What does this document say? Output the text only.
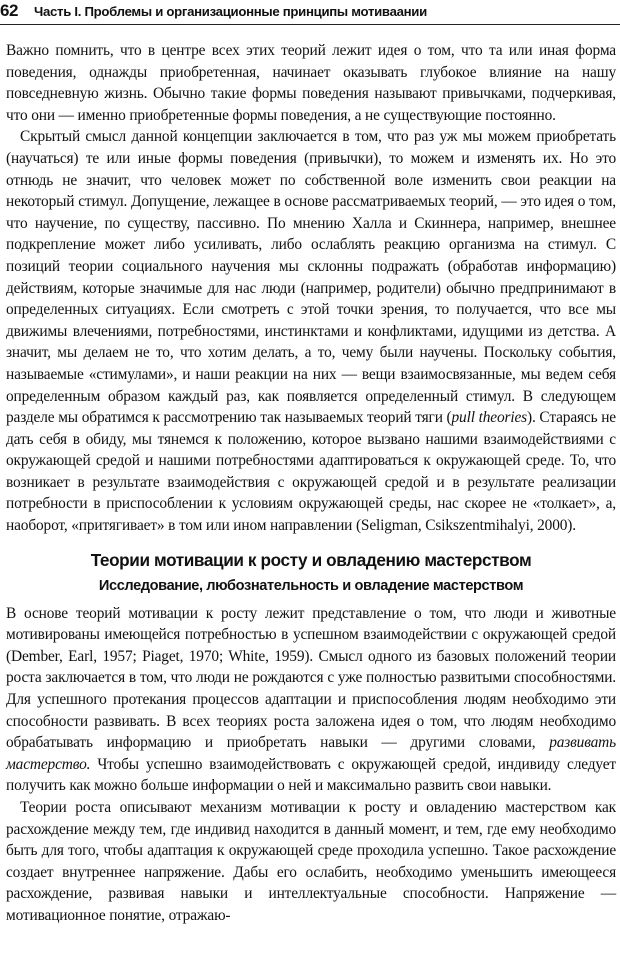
62 Часть I. Проблемы и организационные принципы мотиваании

Важно помнить, что в центре всех этих теорий лежит идея о том, что та или иная форма поведения, однажды приобретенная, начинает оказывать глубокое влияние на нашу повседневную жизнь. Обычно такие формы поведения называют привычками, подчеркивая, что они — именно приобретенные формы поведения, а не существующие постоянно.

Скрытый смысл данной концепции заключается в том, что раз уж мы можем приобретать (научаться) те или иные формы поведения (привычки), то можем и изменять их. Но это отнюдь не значит, что человек может по собственной воле изменить свои реакции на некоторый стимул. Допущение, лежащее в основе рассматриваемых теорий, — это идея о том, что научение, по существу, пассивно. По мнению Халла и Скиннера, например, внешнее подкрепление может либо усиливать, либо ослаблять реакцию организма на стимул. С позиций теории социального научения мы склонны подражать (обработав информацию) действиям, которые значимые для нас люди (например, родители) обычно предпринимают в определенных ситуациях. Если смотреть с этой точки зрения, то получается, что все мы движимы влечениями, потребностями, инстинктами и конфликтами, идущими из детства. А значит, мы делаем не то, что хотим делать, а то, чему были научены. Поскольку события, называемые «стимулами», и наши реакции на них — вещи взаимосвязанные, мы ведем себя определенным образом каждый раз, как появляется определенный стимул. В следующем разделе мы обратимся к рассмотрению так называемых теорий тяги (pull theories). Стараясь не дать себя в обиду, мы тянемся к положению, которое вызвано нашими взаимодействиями с окружающей средой и нашими потребностями адаптироваться к окружающей среде. То, что возникает в результате взаимодействия с окружающей средой и в результате реализации потребности в приспособлении к условиям окружающей среды, нас скорее не «толкает», а, наоборот, «притягивает» в том или ином направлении (Seligman, Csikszentmihalyi, 2000).

Теории мотивации к росту и овладению мастерством
Исследование, любознательность и овладение мастерством

В основе теорий мотивации к росту лежит представление о том, что люди и животные мотивированы имеющейся потребностью в успешном взаимодействии с окружающей средой (Dember, Earl, 1957; Piaget, 1970; White, 1959). Смысл одного из базовых положений теории роста заключается в том, что люди не рождаются с уже полностью развитыми способностями. Для успешного протекания процессов адаптации и приспособления людям необходимо эти способности развивать. В всех теориях роста заложена идея о том, что людям необходимо обрабатывать информацию и приобретать навыки — другими словами, развивать мастерство. Чтобы успешно взаимодействовать с окружающей средой, индивиду следует получить как можно больше информации о ней и максимально развить свои навыки.

Теории роста описывают механизм мотивации к росту и овладению мастерством как расхождение между тем, где индивид находится в данный момент, и тем, где ему необходимо быть для того, чтобы адаптация к окружающей среде проходила успешно. Такое расхождение создает внутреннее напряжение. Дабы его ослабить, необходимо уменьшить имеющееся расхождение, развивая навыки и интеллектуальные способности. Напряжение — мотивационное понятие, отражаю-
